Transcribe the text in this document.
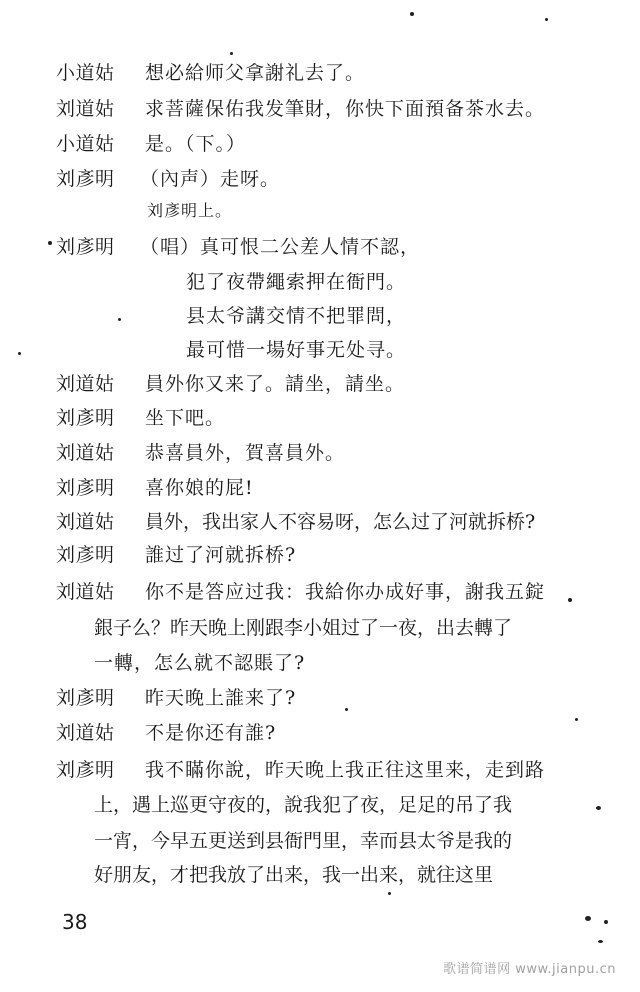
小道姑	想必給师父拿謝礼去了。
刘道姑	求菩薩保佑我发筆財，你快下面預备茶水去。
小道姑	是。（下。）
刘彥明	（內声）走呀。
刘彥明上。
刘彥明	（唱）真可恨二公差人情不認，
犯了夜帶繩索押在衙門。
县太爷講交情不把罪問，
最可惜一場好事无处寻。
刘道姑	員外你又来了。請坐，請坐。
刘彥明	坐下吧。
刘道姑	恭喜員外，賀喜員外。
刘彥明	喜你娘的屁!
刘道姑	員外，我出家人不容易呀，怎么过了河就拆桥?
刘彥明	誰过了河就拆桥?
刘道姑	你不是答应过我：我給你办成好事，謝我五錠
銀子么？昨天晚上刚跟李小姐过了一夜，出去轉了
一轉，怎么就不認賬了?
刘彥明	昨天晚上誰来了?
刘道姑	不是你还有誰?
刘彥明	我不瞞你說，昨天晚上我正往这里来，走到路
上，遇上巡更守夜的，說我犯了夜，足足的吊了我
一宵，今早五更送到县衙門里，幸而县太爷是我的
好朋友，才把我放了出来，我一出来，就往这里
38
歌谱简谱网 www.jianpu.cn
